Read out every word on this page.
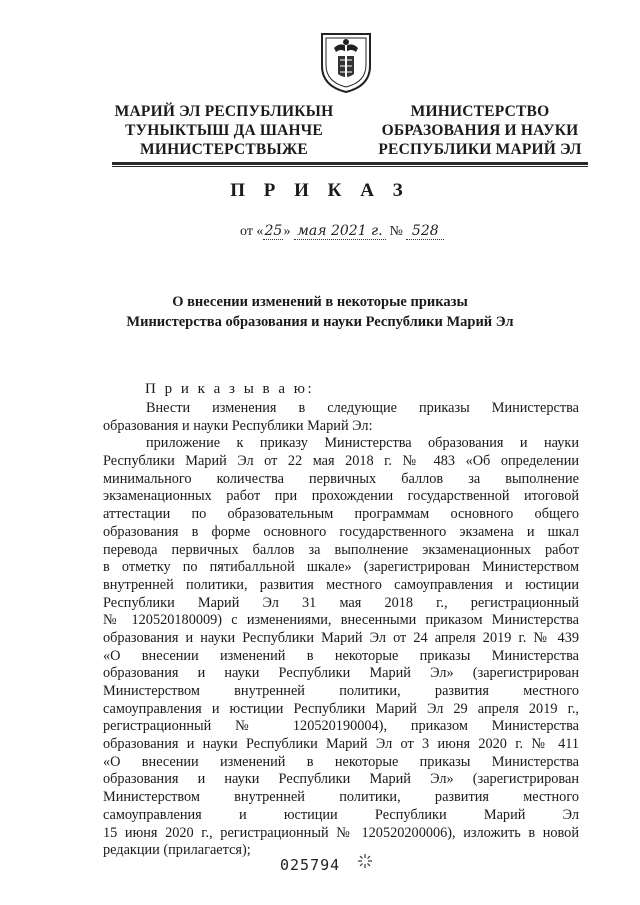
МАРИЙ ЭЛ РЕСПУБЛИКЫН
ТУНЫКТЫШ ДА ШАНЧЕ
МИНИСТЕРСТВЫЖЕ
МИНИСТЕРСТВО
ОБРАЗОВАНИЯ И НАУКИ
РЕСПУБЛИКИ МАРИЙ ЭЛ
П Р И К А З
от «25» мая 2021 г. № 528
О внесении изменений в некоторые приказы
Министерства образования и науки Республики Марий Эл
П р и к а з ы в а ю:
Внести изменения в следующие приказы Министерства
образования и науки Республики Марий Эл:
приложение к приказу Министерства образования и науки
Республики Марий Эл от 22 мая 2018 г. № 483 «Об определении
минимального количества первичных баллов за выполнение
экзаменационных работ при прохождении государственной итоговой
аттестации по образовательным программам основного общего
образования в форме основного государственного экзамена и шкал
перевода первичных баллов за выполнение экзаменационных работ
в отметку по пятибалльной шкале» (зарегистрирован Министерством
внутренней политики, развития местного самоуправления и юстиции
Республики Марий Эл 31 мая 2018 г., регистрационный
№ 120520180009) с изменениями, внесенными приказом Министерства
образования и науки Республики Марий Эл от 24 апреля 2019 г. № 439
«О внесении изменений в некоторые приказы Министерства
образования и науки Республики Марий Эл» (зарегистрирован
Министерством внутренней политики, развития местного
самоуправления и юстиции Республики Марий Эл 29 апреля 2019 г.,
регистрационный № 120520190004), приказом Министерства
образования и науки Республики Марий Эл от 3 июня 2020 г. № 411
«О внесении изменений в некоторые приказы Министерства
образования и науки Республики Марий Эл» (зарегистрирован
Министерством внутренней политики, развития местного
самоуправления и юстиции Республики Марий Эл
15 июня 2020 г., регистрационный № 120520200006), изложить в новой
редакции (прилагается);
025794
